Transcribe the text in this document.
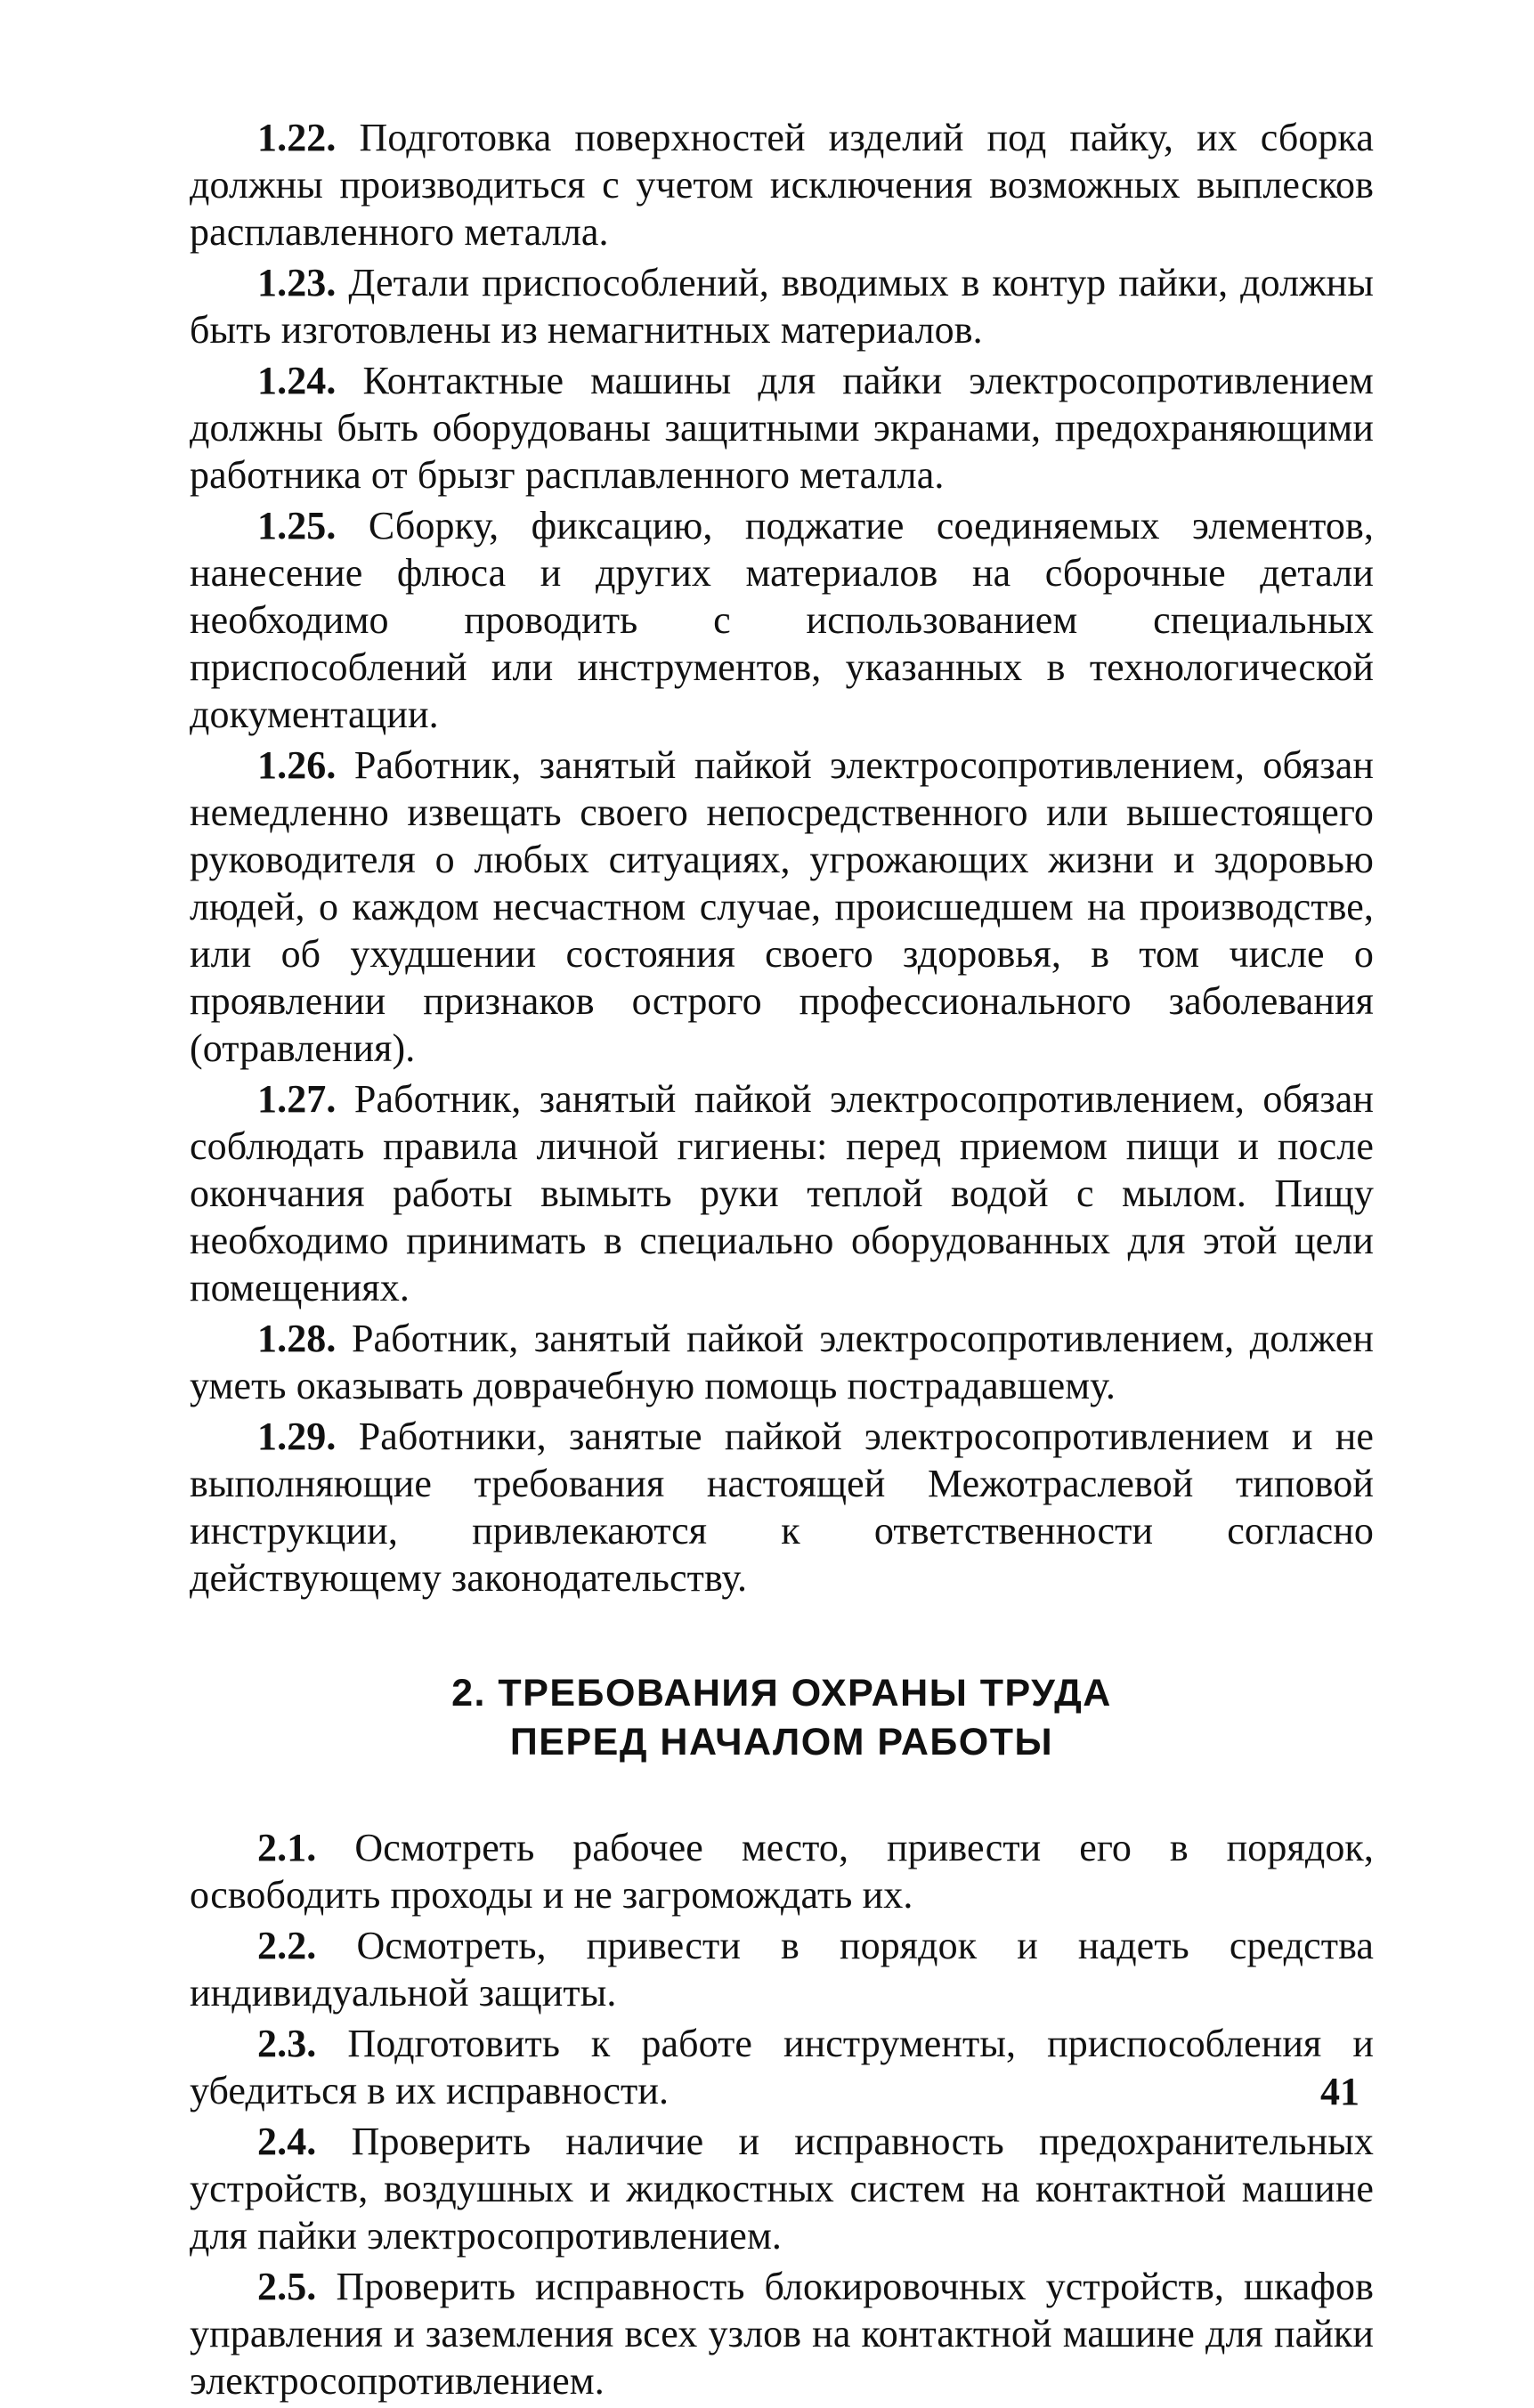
1.22. Подготовка поверхностей изделий под пайку, их сборка должны производиться с учетом исключения возможных выплесков расплавленного металла.

1.23. Детали приспособлений, вводимых в контур пайки, должны быть изготовлены из немагнитных материалов.

1.24. Контактные машины для пайки электросопротивлением должны быть оборудованы защитными экранами, предохраняющими работника от брызг расплавленного металла.

1.25. Сборку, фиксацию, поджатие соединяемых элементов, нанесение флюса и других материалов на сборочные детали необходимо проводить с использованием специальных приспособлений или инструментов, указанных в технологической документации.

1.26. Работник, занятый пайкой электросопротивлением, обязан немедленно извещать своего непосредственного или вышестоящего руководителя о любых ситуациях, угрожающих жизни и здоровью людей, о каждом несчастном случае, происшедшем на производстве, или об ухудшении состояния своего здоровья, в том числе о проявлении признаков острого профессионального заболевания (отравления).

1.27. Работник, занятый пайкой электросопротивлением, обязан соблюдать правила личной гигиены: перед приемом пищи и после окончания работы вымыть руки теплой водой с мылом. Пищу необходимо принимать в специально оборудованных для этой цели помещениях.

1.28. Работник, занятый пайкой электросопротивлением, должен уметь оказывать доврачебную помощь пострадавшему.

1.29. Работники, занятые пайкой электросопротивлением и не выполняющие требования настоящей Межотраслевой типовой инструкции, привлекаются к ответственности согласно действующему законодательству.

2. ТРЕБОВАНИЯ ОХРАНЫ ТРУДА
ПЕРЕД НАЧАЛОМ РАБОТЫ

2.1. Осмотреть рабочее место, привести его в порядок, освободить проходы и не загромождать их.

2.2. Осмотреть, привести в порядок и надеть средства индивидуальной защиты.

2.3. Подготовить к работе инструменты, приспособления и убедиться в их исправности.

2.4. Проверить наличие и исправность предохранительных устройств, воздушных и жидкостных систем на контактной машине для пайки электросопротивлением.

2.5. Проверить исправность блокировочных устройств, шкафов управления и заземления всех узлов на контактной машине для пайки электросопротивлением.

41
